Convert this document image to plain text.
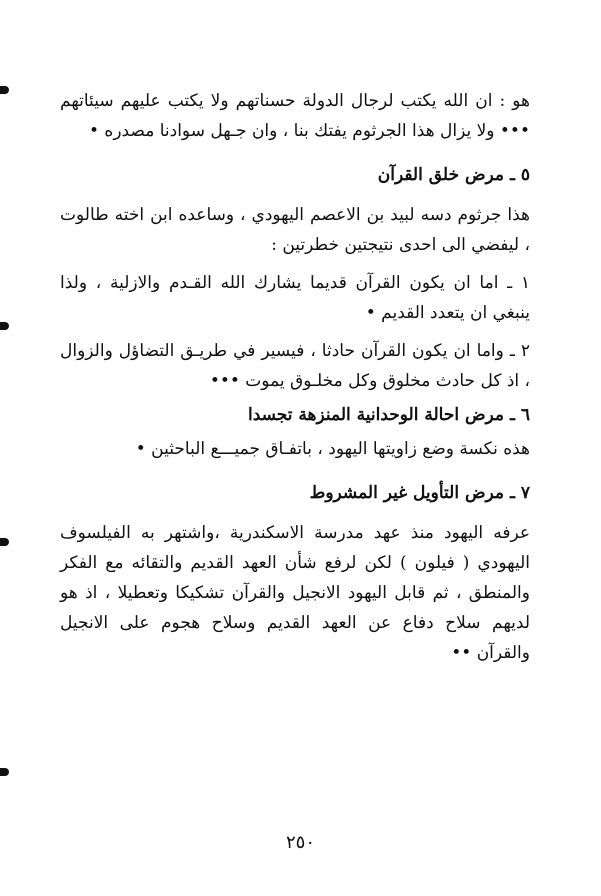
هو : ان الله يكتب لرجال الدولة حسناتهم ولا يكتب عليهم سيئاتهم ••• ولا يزال هذا الجرثوم يفتك بنا ، وان جـهل سوادنا مصدره •

٥ ـ مرض خلق القرآن

هذا جرثوم دسه لبيد بن الاعصم اليهودي ، وساعده ابن اخته طالوت ، ليفضي الى احدى نتيجتين خطرتين :

١ ـ اما ان يكون القرآن قديما يشارك الله القـدم والازلية ، ولذا ينبغي ان يتعدد القديم •

٢ ـ واما ان يكون القرآن حادثا ، فيسير في طريـق التضاؤل والزوال ، اذ كل حادث مخلوق وكل مخلـوق يموت •••

٦ ـ مرض احالة الوحدانية المنزهة تجسدا

هذه نكسة وضع زاويتها اليهود ، باتفـاق جميـــع الباحثين •

٧ ـ مرض التأويل غير المشروط

عرفه اليهود منذ عهد مدرسة الاسكندرية ،واشتهر به الفيلسوف اليهودي ( فيلون ) لكن لرفع شأن العهد القديم والتقائه مع الفكر والمنطق ، ثم قابل اليهود الانجيل والقرآن تشكيكا وتعطيلا ، اذ هو لديهم سلاح دفاع عن العهد القديم وسلاح هجوم على الانجيل والقرآن ••

٢٥٠
